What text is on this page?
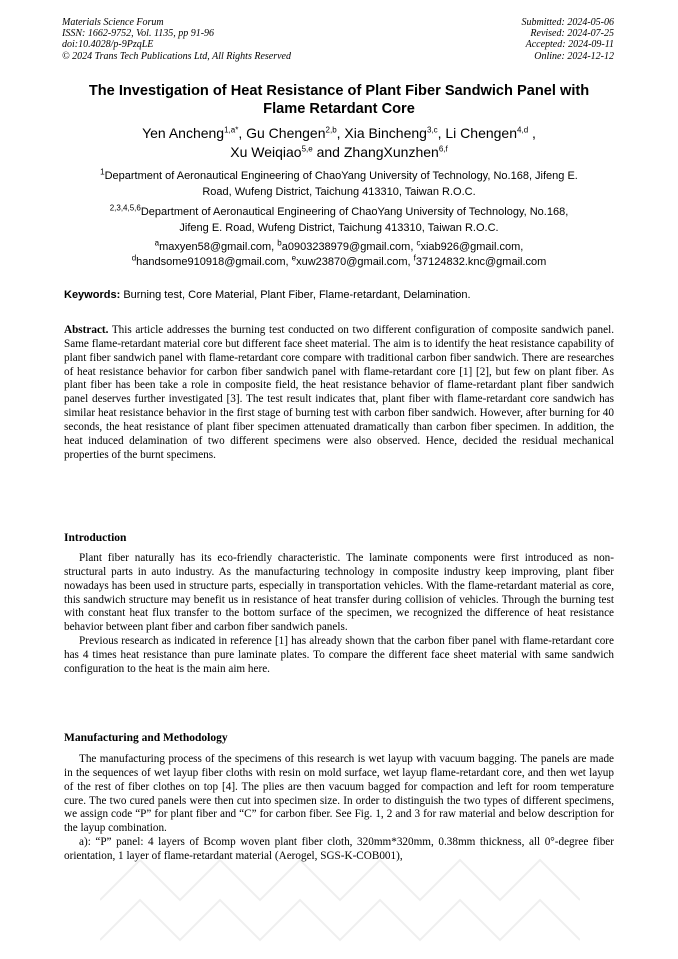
Materials Science Forum
ISSN: 1662-9752, Vol. 1135, pp 91-96
doi:10.4028/p-9PzqLE
© 2024 Trans Tech Publications Ltd, All Rights Reserved
Submitted: 2024-05-06
Revised: 2024-07-25
Accepted: 2024-09-11
Online: 2024-12-12
The Investigation of Heat Resistance of Plant Fiber Sandwich Panel with
Flame Retardant Core
Yen Ancheng$^{1,a*}$, Gu Chengen$^{2,b}$, Xia Bincheng$^{3,c}$, Li Chengen$^{4,d}$ ,
Xu Weiqiao$^{5,e}$ and ZhangXunzhen$^{6,f}$
$^1$Department of Aeronautical Engineering of ChaoYang University of Technology, No.168, Jifeng E.
Road, Wufeng District, Taichung 413310, Taiwan R.O.C.
$^{2,3,4,5,6}$Department of Aeronautical Engineering of ChaoYang University of Technology, No.168,
Jifeng E. Road, Wufeng District, Taichung 413310, Taiwan R.O.C.
$^a$maxyen58@gmail.com, $^b$a0903238979@gmail.com, $^c$xiab926@gmail.com,
$^d$handsome910918@gmail.com, $^e$xuw23870@gmail.com, $^f$37124832.knc@gmail.com
Keywords: Burning test, Core Material, Plant Fiber, Flame-retardant, Delamination.
Abstract. This article addresses the burning test conducted on two different configuration of composite sandwich panel. Same flame-retardant material core but different face sheet material. The aim is to identify the heat resistance capability of plant fiber sandwich panel with flame-retardant core compare with traditional carbon fiber sandwich. There are researches of heat resistance behavior for carbon fiber sandwich panel with flame-retardant core [1] [2], but few on plant fiber. As plant fiber has been take a role in composite field, the heat resistance behavior of flame-retardant plant fiber sandwich panel deserves further investigated [3]. The test result indicates that, plant fiber with flame-retardant core sandwich has similar heat resistance behavior in the first stage of burning test with carbon fiber sandwich. However, after burning for 40 seconds, the heat resistance of plant fiber specimen attenuated dramatically than carbon fiber specimen. In addition, the heat induced delamination of two different specimens were also observed. Hence, decided the residual mechanical properties of the burnt specimens.
Introduction

Plant fiber naturally has its eco-friendly characteristic. The laminate components were first introduced as non-structural parts in auto industry. As the manufacturing technology in composite industry keep improving, plant fiber nowadays has been used in structure parts, especially in transportation vehicles. With the flame-retardant material as core, this sandwich structure may benefit us in resistance of heat transfer during collision of vehicles. Through the burning test with constant heat flux transfer to the bottom surface of the specimen, we recognized the difference of heat resistance behavior between plant fiber and carbon fiber sandwich panels.

Previous research as indicated in reference [1] has already shown that the carbon fiber panel with flame-retardant core has 4 times heat resistance than pure laminate plates. To compare the different face sheet material with same sandwich configuration to the heat is the main aim here.

Manufacturing and Methodology

The manufacturing process of the specimens of this research is wet layup with vacuum bagging. The panels are made in the sequences of wet layup fiber cloths with resin on mold surface, wet layup flame-retardant core, and then wet layup of the rest of fiber clothes on top [4]. The plies are then vacuum bagged for compaction and left for room temperature cure. The two cured panels were then cut into specimen size. In order to distinguish the two types of different specimens, we assign code “P” for plant fiber and “C” for carbon fiber. See Fig. 1, 2 and 3 for raw material and below description for the layup combination.

a): “P” panel: 4 layers of Bcomp woven plant fiber cloth, 320mm*320mm, 0.38mm thickness, all 0°-degree fiber orientation, 1 layer of flame-retardant material (Aerogel, SGS-K-COB001),
